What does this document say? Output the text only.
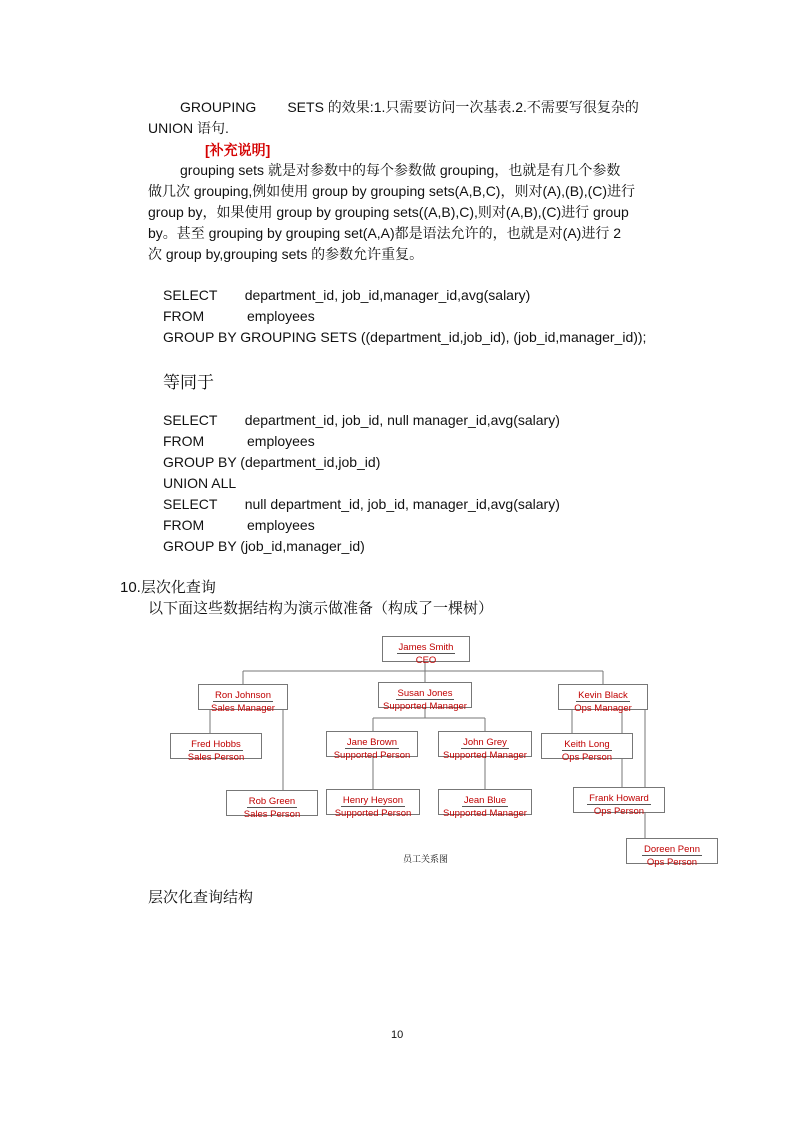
GROUPING        SETS 的效果:1.只需要访问一次基表.2.不需要写很复杂的
UNION 语句.
[补充说明]
grouping sets 就是对参数中的每个参数做 grouping，也就是有几个参数
做几次 grouping,例如使用 group by grouping sets(A,B,C)，则对(A),(B),(C)进行
group by，如果使用 group by grouping sets((A,B),C),则对(A,B),(C)进行 group
by。甚至 grouping by grouping set(A,A)都是语法允许的，也就是对(A)进行 2
次 group by,grouping sets 的参数允许重复。
SELECT       department_id, job_id,manager_id,avg(salary)
FROM           employees
GROUP BY GROUPING SETS ((department_id,job_id), (job_id,manager_id));
等同于
SELECT       department_id, job_id, null manager_id,avg(salary)
FROM           employees
GROUP BY (department_id,job_id)
UNION ALL
SELECT       null department_id, job_id, manager_id,avg(salary)
FROM           employees
GROUP BY (job_id,manager_id)
10.层次化查询
以下面这些数据结构为演示做准备（构成了一棵树）
James Smith
CEO
Ron Johnson
Sales Manager
Susan Jones
Supported Manager
Kevin Black
Ops Manager
Fred Hobbs
Sales Person
Rob Green
Sales Person
Jane Brown
Supported Person
John Grey
Supported Manager
Henry Heyson
Supported Person
Jean Blue
Supported Manager
Keith Long
Ops Person
Frank Howard
Ops Person
Doreen Penn
Ops Person
员工关系图
层次化查询结构
10
